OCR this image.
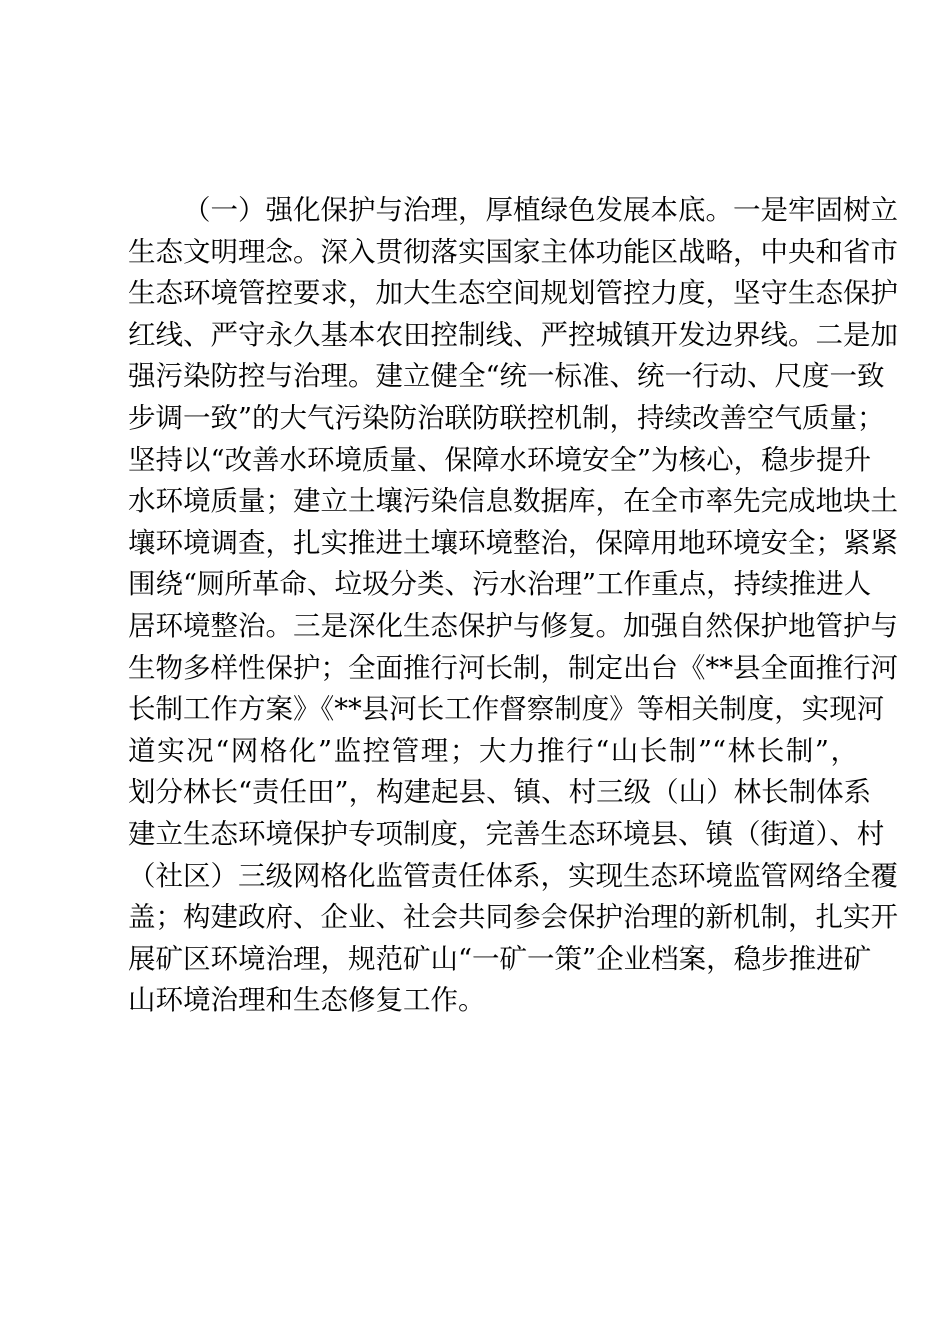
（一）强化保护与治理，厚植绿色发展本底。一是牢固树立
生态文明理念。深入贯彻落实国家主体功能区战略，中央和省市
生态环境管控要求，加大生态空间规划管控力度，坚守生态保护
红线、严守永久基本农田控制线、严控城镇开发边界线。二是加
强污染防控与治理。建立健全“统一标准、统一行动、尺度一致
步调一致”的大气污染防治联防联控机制，持续改善空气质量；
坚持以“改善水环境质量、保障水环境安全”为核心，稳步提升
水环境质量；建立土壤污染信息数据库，在全市率先完成地块土
壤环境调查，扎实推进土壤环境整治，保障用地环境安全；紧紧
围绕“厕所革命、垃圾分类、污水治理”工作重点，持续推进人
居环境整治。三是深化生态保护与修复。加强自然保护地管护与
生物多样性保护；全面推行河长制，制定出台《**县全面推行河
长制工作方案》《**县河长工作督察制度》等相关制度，实现河
道实况“网格化”监控管理；大力推行“山长制”“林长制”，
划分林长“责任田”，构建起县、镇、村三级（山）林长制体系
建立生态环境保护专项制度，完善生态环境县、镇（街道）、村
（社区）三级网格化监管责任体系，实现生态环境监管网络全覆
盖；构建政府、企业、社会共同参会保护治理的新机制，扎实开
展矿区环境治理，规范矿山“一矿一策”企业档案，稳步推进矿
山环境治理和生态修复工作。
